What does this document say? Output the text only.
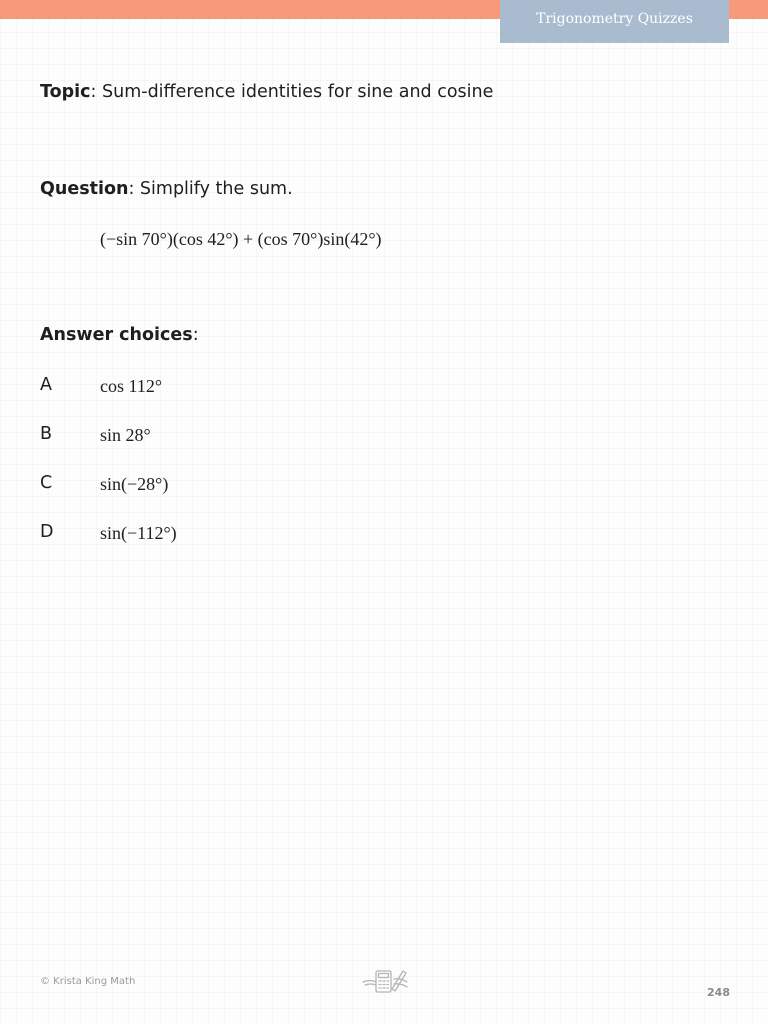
Trigonometry Quizzes
Topic: Sum-difference identities for sine and cosine
Question: Simplify the sum.
(−sin 70°)(cos 42°) + (cos 70°)sin(42°)
Answer choices:
A	cos 112°
B	sin 28°
C	sin(−28°)
D	sin(−112°)
© Krista King Math
248
